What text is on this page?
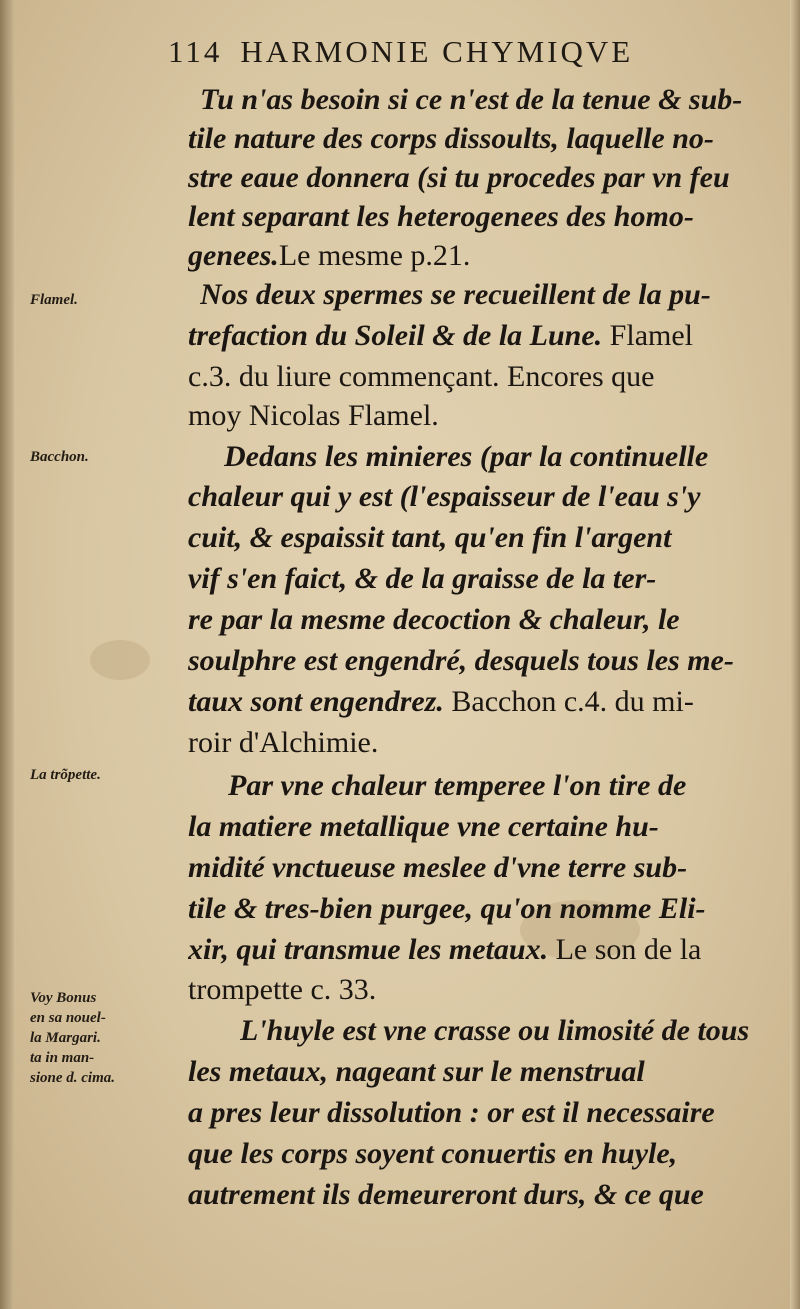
114 HARMONIE CHYMIQVE
Flamel.
Bacchon.
La trõpette.
Voy Bonus
en sa nouel-
la Margari.
ta in man-
sione d. cima.
Tu n'as besoin si ce n'est de la tenue & sub-
tile nature des corps dissoults, laquelle no-
stre eaue donnera (si tu procedes par vn feu
lent separant les heterogenees des homo-
genees.Le mesme p.21.
Nos deux spermes se recueillent de la pu-
trefaction du Soleil & de la Lune. Flamel
c.3. du liure commençant. Encores que
moy Nicolas Flamel.
Dedans les minieres (par la continuelle
chaleur qui y est (l'espaisseur de l'eau s'y
cuit, & espaissit tant, qu'en fin l'argent
vif s'en faict, & de la graisse de la ter-
re par la mesme decoction & chaleur, le
soulphre est engendré, desquels tous les me-
taux sont engendrez. Bacchon c.4. du mi-
roir d'Alchimie.
Par vne chaleur temperee l'on tire de
la matiere metallique vne certaine hu-
midité vnctueuse meslee d'vne terre sub-
tile & tres-bien purgee, qu'on nomme Eli-
xir, qui transmue les metaux. Le son de la
trompette c. 33.
L'huyle est vne crasse ou limosité de tous
les metaux, nageant sur le menstrual
a pres leur dissolution : or est il necessaire
que les corps soyent conuertis en huyle,
autrement ils demeureront durs, & ce que
